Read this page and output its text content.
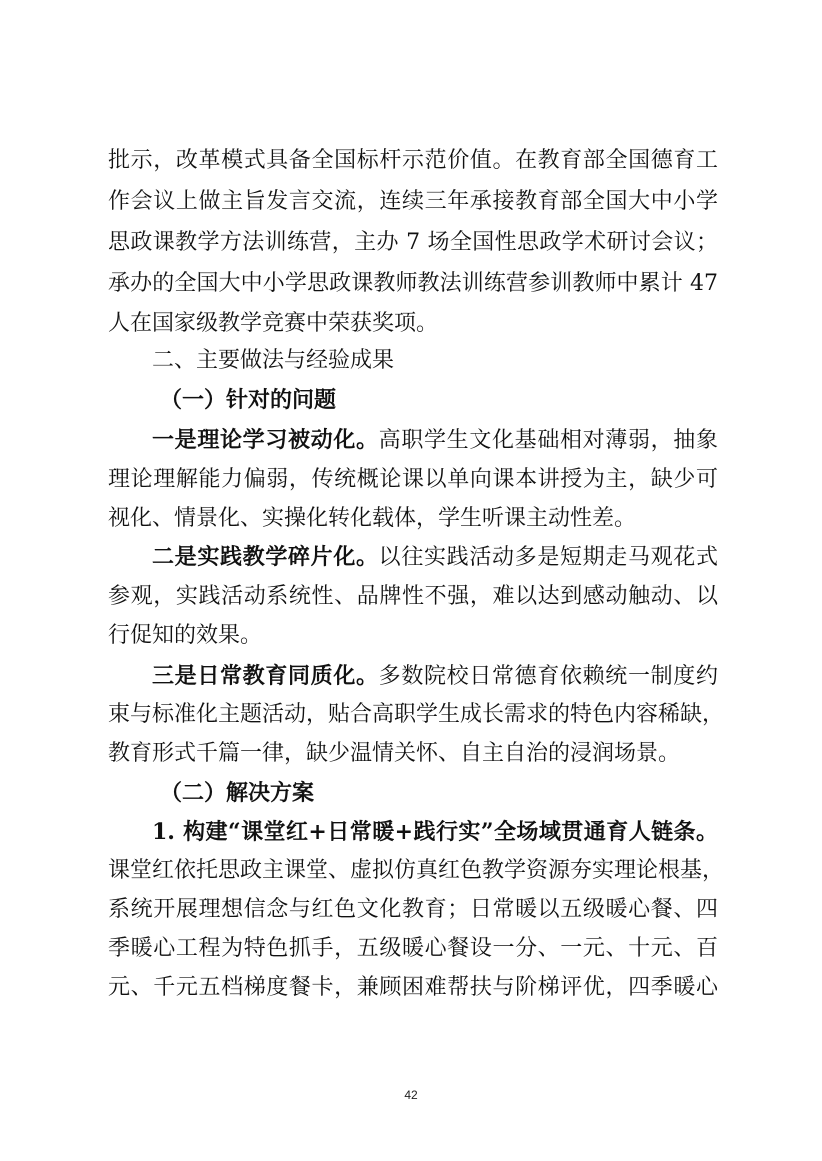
批示，改革模式具备全国标杆示范价值。在教育部全国德育工
作会议上做主旨发言交流，连续三年承接教育部全国大中小学
思政课教学方法训练营，主办 7 场全国性思政学术研讨会议；
承办的全国大中小学思政课教师教法训练营参训教师中累计 47
人在国家级教学竞赛中荣获奖项。
二、主要做法与经验成果
（一）针对的问题
一是理论学习被动化。高职学生文化基础相对薄弱，抽象
理论理解能力偏弱，传统概论课以单向课本讲授为主，缺少可
视化、情景化、实操化转化载体，学生听课主动性差。
二是实践教学碎片化。以往实践活动多是短期走马观花式
参观，实践活动系统性、品牌性不强，难以达到感动触动、以
行促知的效果。
三是日常教育同质化。多数院校日常德育依赖统一制度约
束与标准化主题活动，贴合高职学生成长需求的特色内容稀缺，
教育形式千篇一律，缺少温情关怀、自主自治的浸润场景。
（二）解决方案
1. 构建“课堂红+日常暖+践行实”全场域贯通育人链条。
课堂红依托思政主课堂、虚拟仿真红色教学资源夯实理论根基，
系统开展理想信念与红色文化教育；日常暖以五级暖心餐、四
季暖心工程为特色抓手，五级暖心餐设一分、一元、十元、百
元、千元五档梯度餐卡，兼顾困难帮扶与阶梯评优，四季暖心
42
